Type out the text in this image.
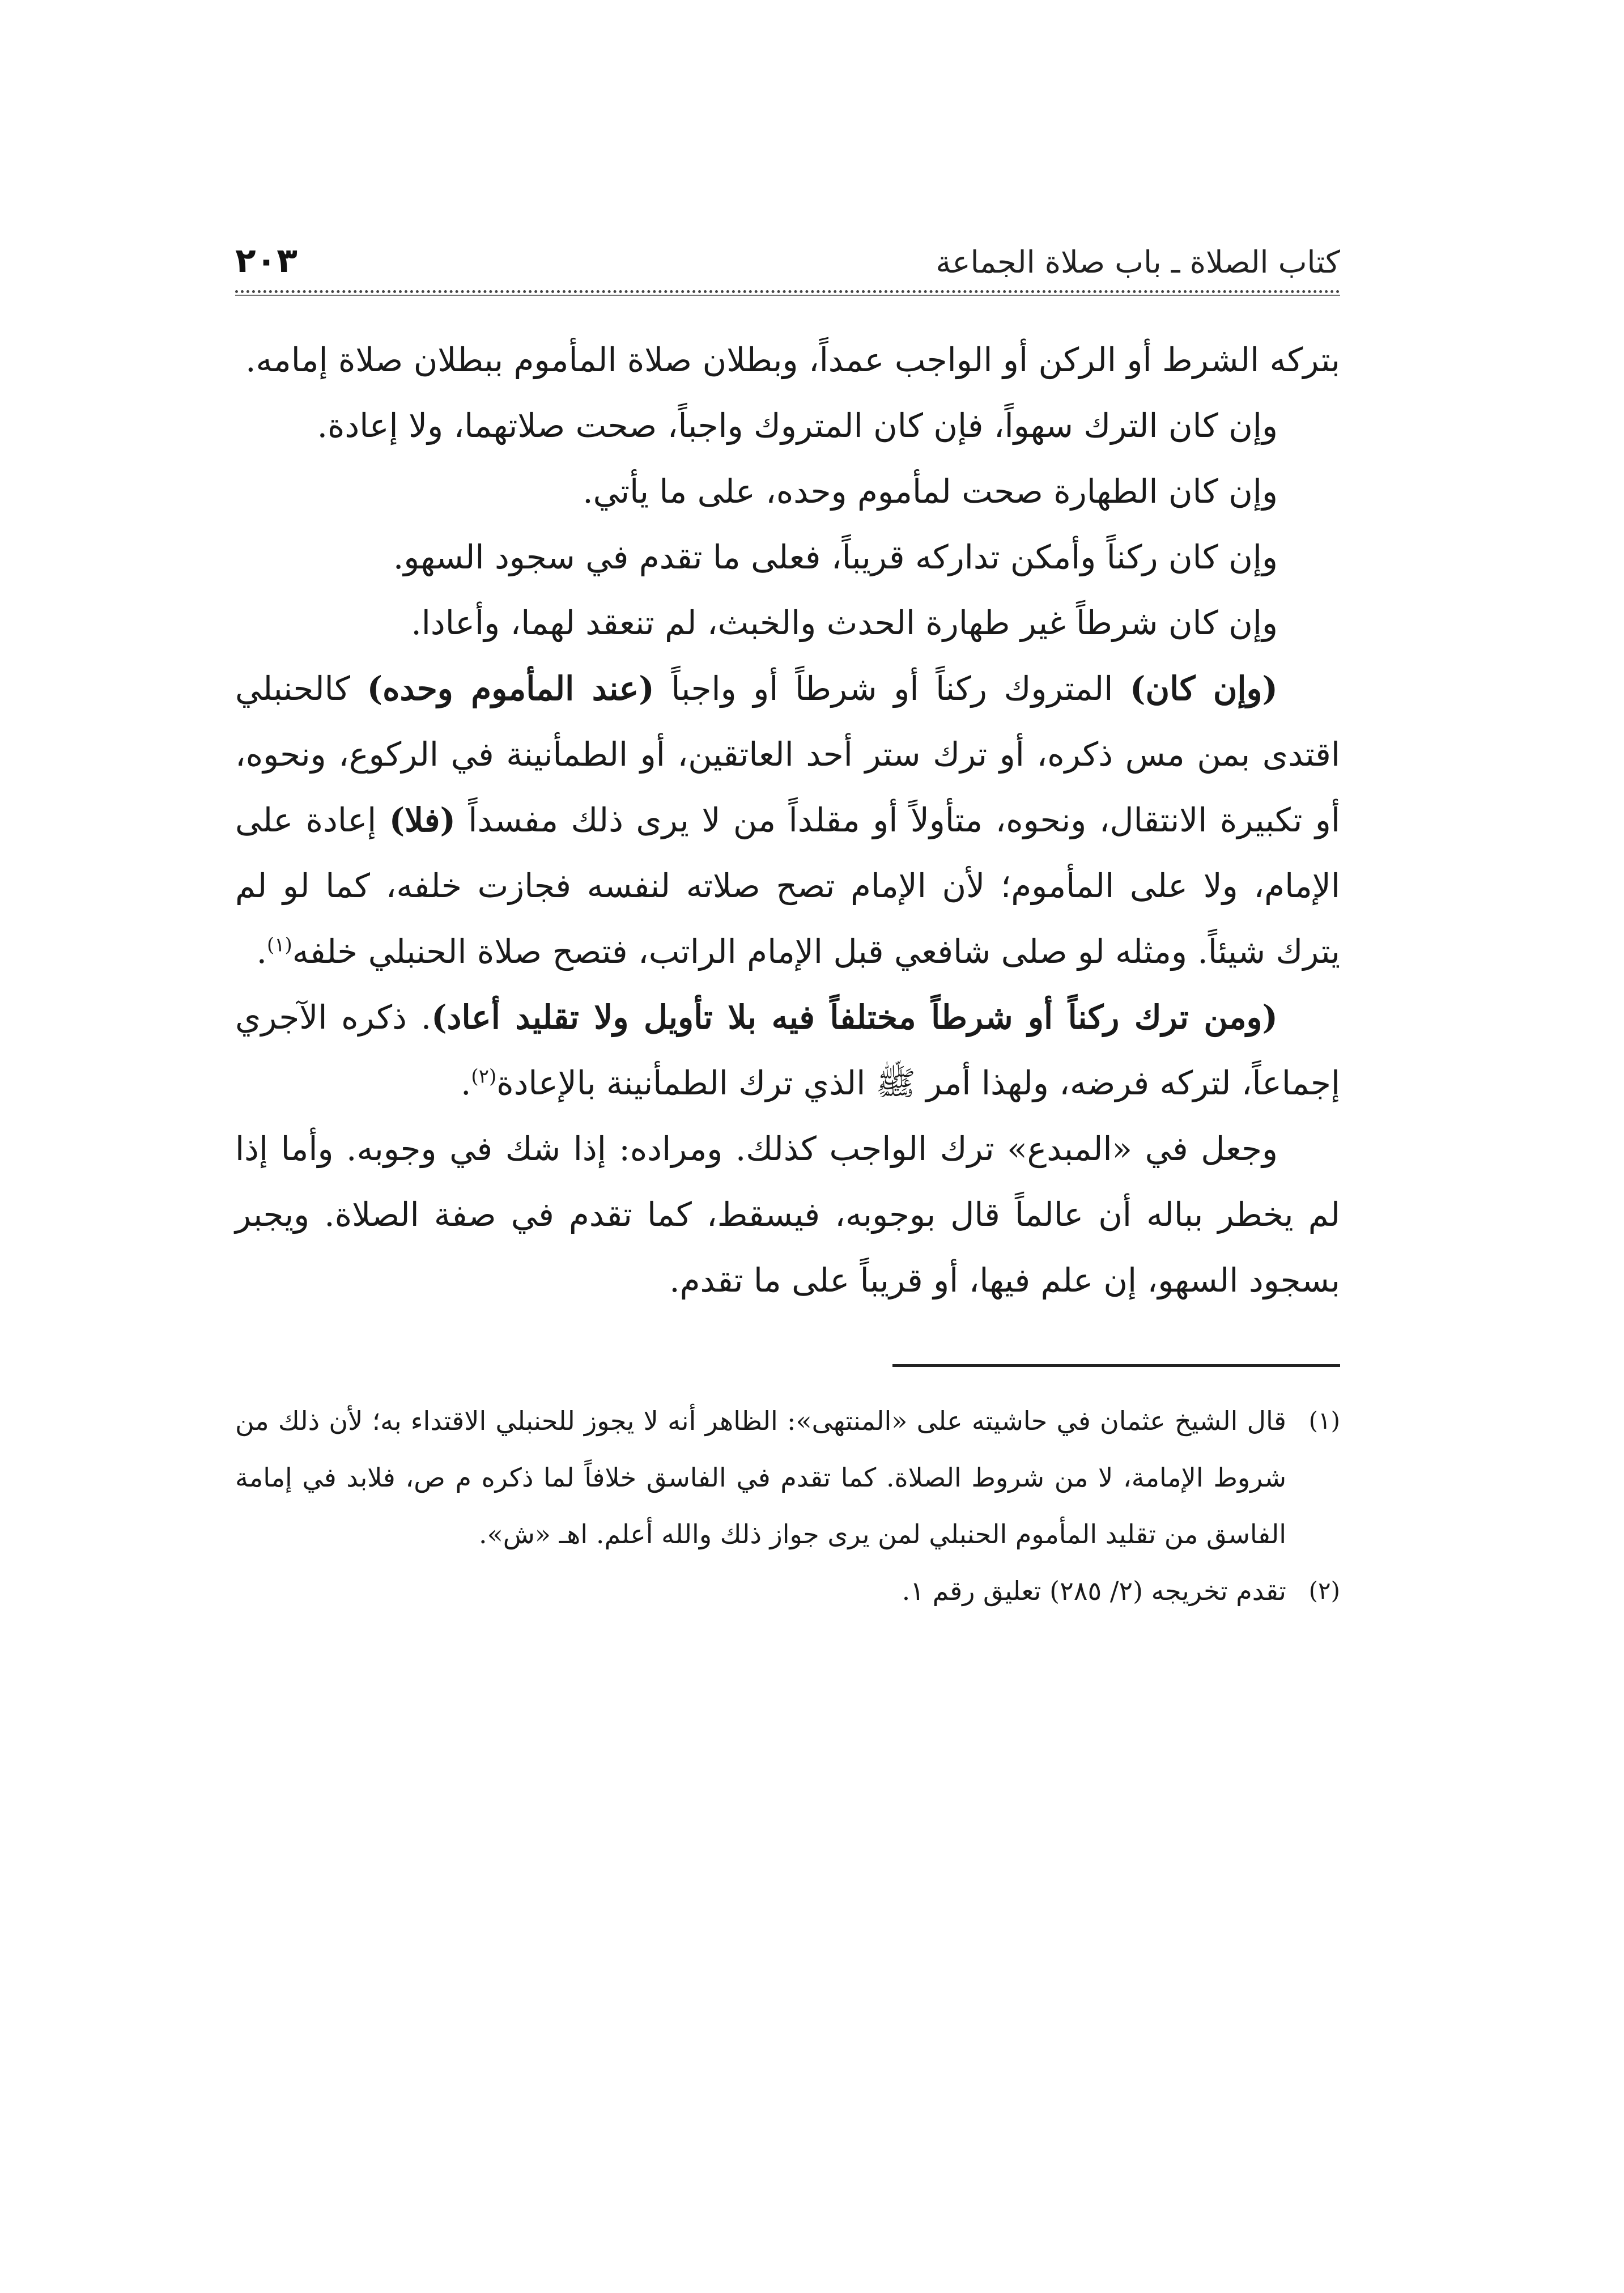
كتاب الصلاة ـ باب صلاة الجماعة
٢٠٣

بتركه الشرط أو الركن أو الواجب عمداً، وبطلان صلاة المأموم ببطلان صلاة إمامه.

وإن كان الترك سهواً، فإن كان المتروك واجباً، صحت صلاتهما، ولا إعادة.

وإن كان الطهارة صحت لمأموم وحده، على ما يأتي.

وإن كان ركناً وأمكن تداركه قريباً، فعلى ما تقدم في سجود السهو.

وإن كان شرطاً غير طهارة الحدث والخبث، لم تنعقد لهما، وأعادا.

(وإن كان) المتروك ركناً أو شرطاً أو واجباً (عند المأموم وحده) كالحنبلي اقتدى بمن مس ذكره، أو ترك ستر أحد العاتقين، أو الطمأنينة في الركوع، ونحوه، أو تكبيرة الانتقال، ونحوه، متأولاً أو مقلداً من لا يرى ذلك مفسداً (فلا) إعادة على الإمام، ولا على المأموم؛ لأن الإمام تصح صلاته لنفسه فجازت خلفه، كما لو لم يترك شيئاً. ومثله لو صلى شافعي قبل الإمام الراتب، فتصح صلاة الحنبلي خلفه$^{(١)}$.

(ومن ترك ركناً أو شرطاً مختلفاً فيه بلا تأويل ولا تقليد أعاد). ذكره الآجري إجماعاً، لتركه فرضه، ولهذا أمر ﷺ الذي ترك الطمأنينة بالإعادة$^{(٢)}$.

وجعل في «المبدع» ترك الواجب كذلك. ومراده: إذا شك في وجوبه. وأما إذا لم يخطر بباله أن عالماً قال بوجوبه، فيسقط، كما تقدم في صفة الصلاة. ويجبر بسجود السهو، إن علم فيها، أو قريباً على ما تقدم.

(١)
قال الشيخ عثمان في حاشيته على «المنتهى»: الظاهر أنه لا يجوز للحنبلي الاقتداء به؛ لأن ذلك من شروط الإمامة، لا من شروط الصلاة. كما تقدم في الفاسق خلافاً لما ذكره م ص، فلابد في إمامة الفاسق من تقليد المأموم الحنبلي لمن يرى جواز ذلك والله أعلم. اهـ «ش».
(٢)
تقدم تخريجه (٢/ ٢٨٥) تعليق رقم ١.
